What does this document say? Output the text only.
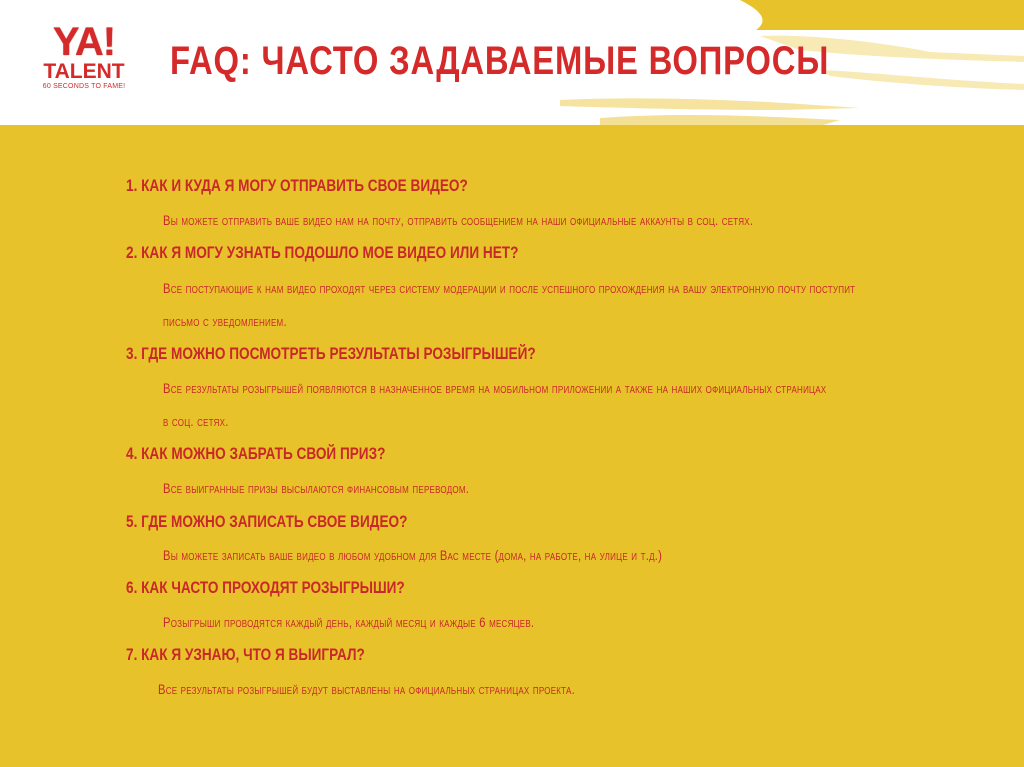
YA!
TALENT
60 SECONDS TO FAME!
FAQ: ЧАСТО ЗАДАВАЕМЫЕ ВОПРОСЫ
1. КАК И КУДА Я МОГУ ОТПРАВИТЬ СВОЕ ВИДЕО?
Вы можете отправить ваше видео нам на почту, отправить сообщением на наши официальные аккаунты в соц. сетях.
2. КАК Я МОГУ УЗНАТЬ ПОДОШЛО МОЕ ВИДЕО ИЛИ НЕТ?
Все поступающие к нам видео проходят через систему модерации и после успешного прохождения на вашу электронную почту поступит
письмо с уведомлением.
3. ГДЕ МОЖНО ПОСМОТРЕТЬ РЕЗУЛЬТАТЫ РОЗЫГРЫШЕЙ?
Все результаты розыгрышей появляются в назначенное время на мобильном приложении а также на наших официальных страницах
в соц. сетях.
4. КАК МОЖНО ЗАБРАТЬ СВОЙ ПРИЗ?
Все выигранные призы высылаются финансовым переводом.
5. ГДЕ МОЖНО ЗАПИСАТЬ СВОЕ ВИДЕО?
Вы можете записать ваше видео в любом удобном для Вас месте (дома, на работе, на улице и т.д.)
6. КАК ЧАСТО ПРОХОДЯТ РОЗЫГРЫШИ?
Розыгрыши проводятся каждый день, каждый месяц и каждые 6 месяцев.
7. КАК Я УЗНАЮ, ЧТО Я ВЫИГРАЛ?
Все результаты розыгрышей будут выставлены на официальных страницах проекта.
